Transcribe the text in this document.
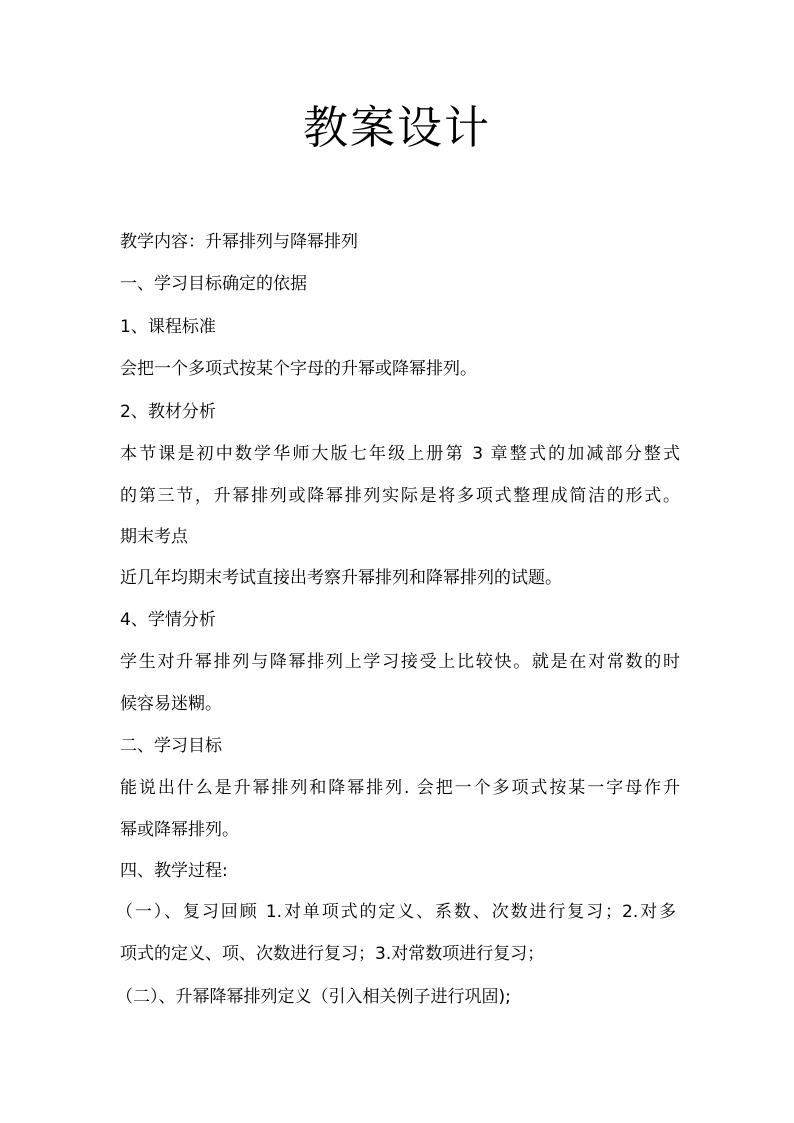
教案设计
教学内容：升幂排列与降幂排列
一、学习目标确定的依据
1、课程标准
会把一个多项式按某个字母的升幂或降幂排列。
2、教材分析
本节课是初中数学华师大版七年级上册第 3 章整式的加减部分整式
的第三节，升幂排列或降幂排列实际是将多项式整理成简洁的形式。
期末考点
近几年均期末考试直接出考察升幂排列和降幂排列的试题。
4、学情分析
学生对升幂排列与降幂排列上学习接受上比较快。就是在对常数的时
候容易迷糊。
二、学习目标
能说出什么是升幂排列和降幂排列. 会把一个多项式按某一字母作升
幂或降幂排列。
四、教学过程:
（一）、复习回顾 1.对单项式的定义、系数、次数进行复习；2.对多
项式的定义、项、次数进行复习；3.对常数项进行复习；
（二）、升幂降幂排列定义（引入相关例子进行巩固);
